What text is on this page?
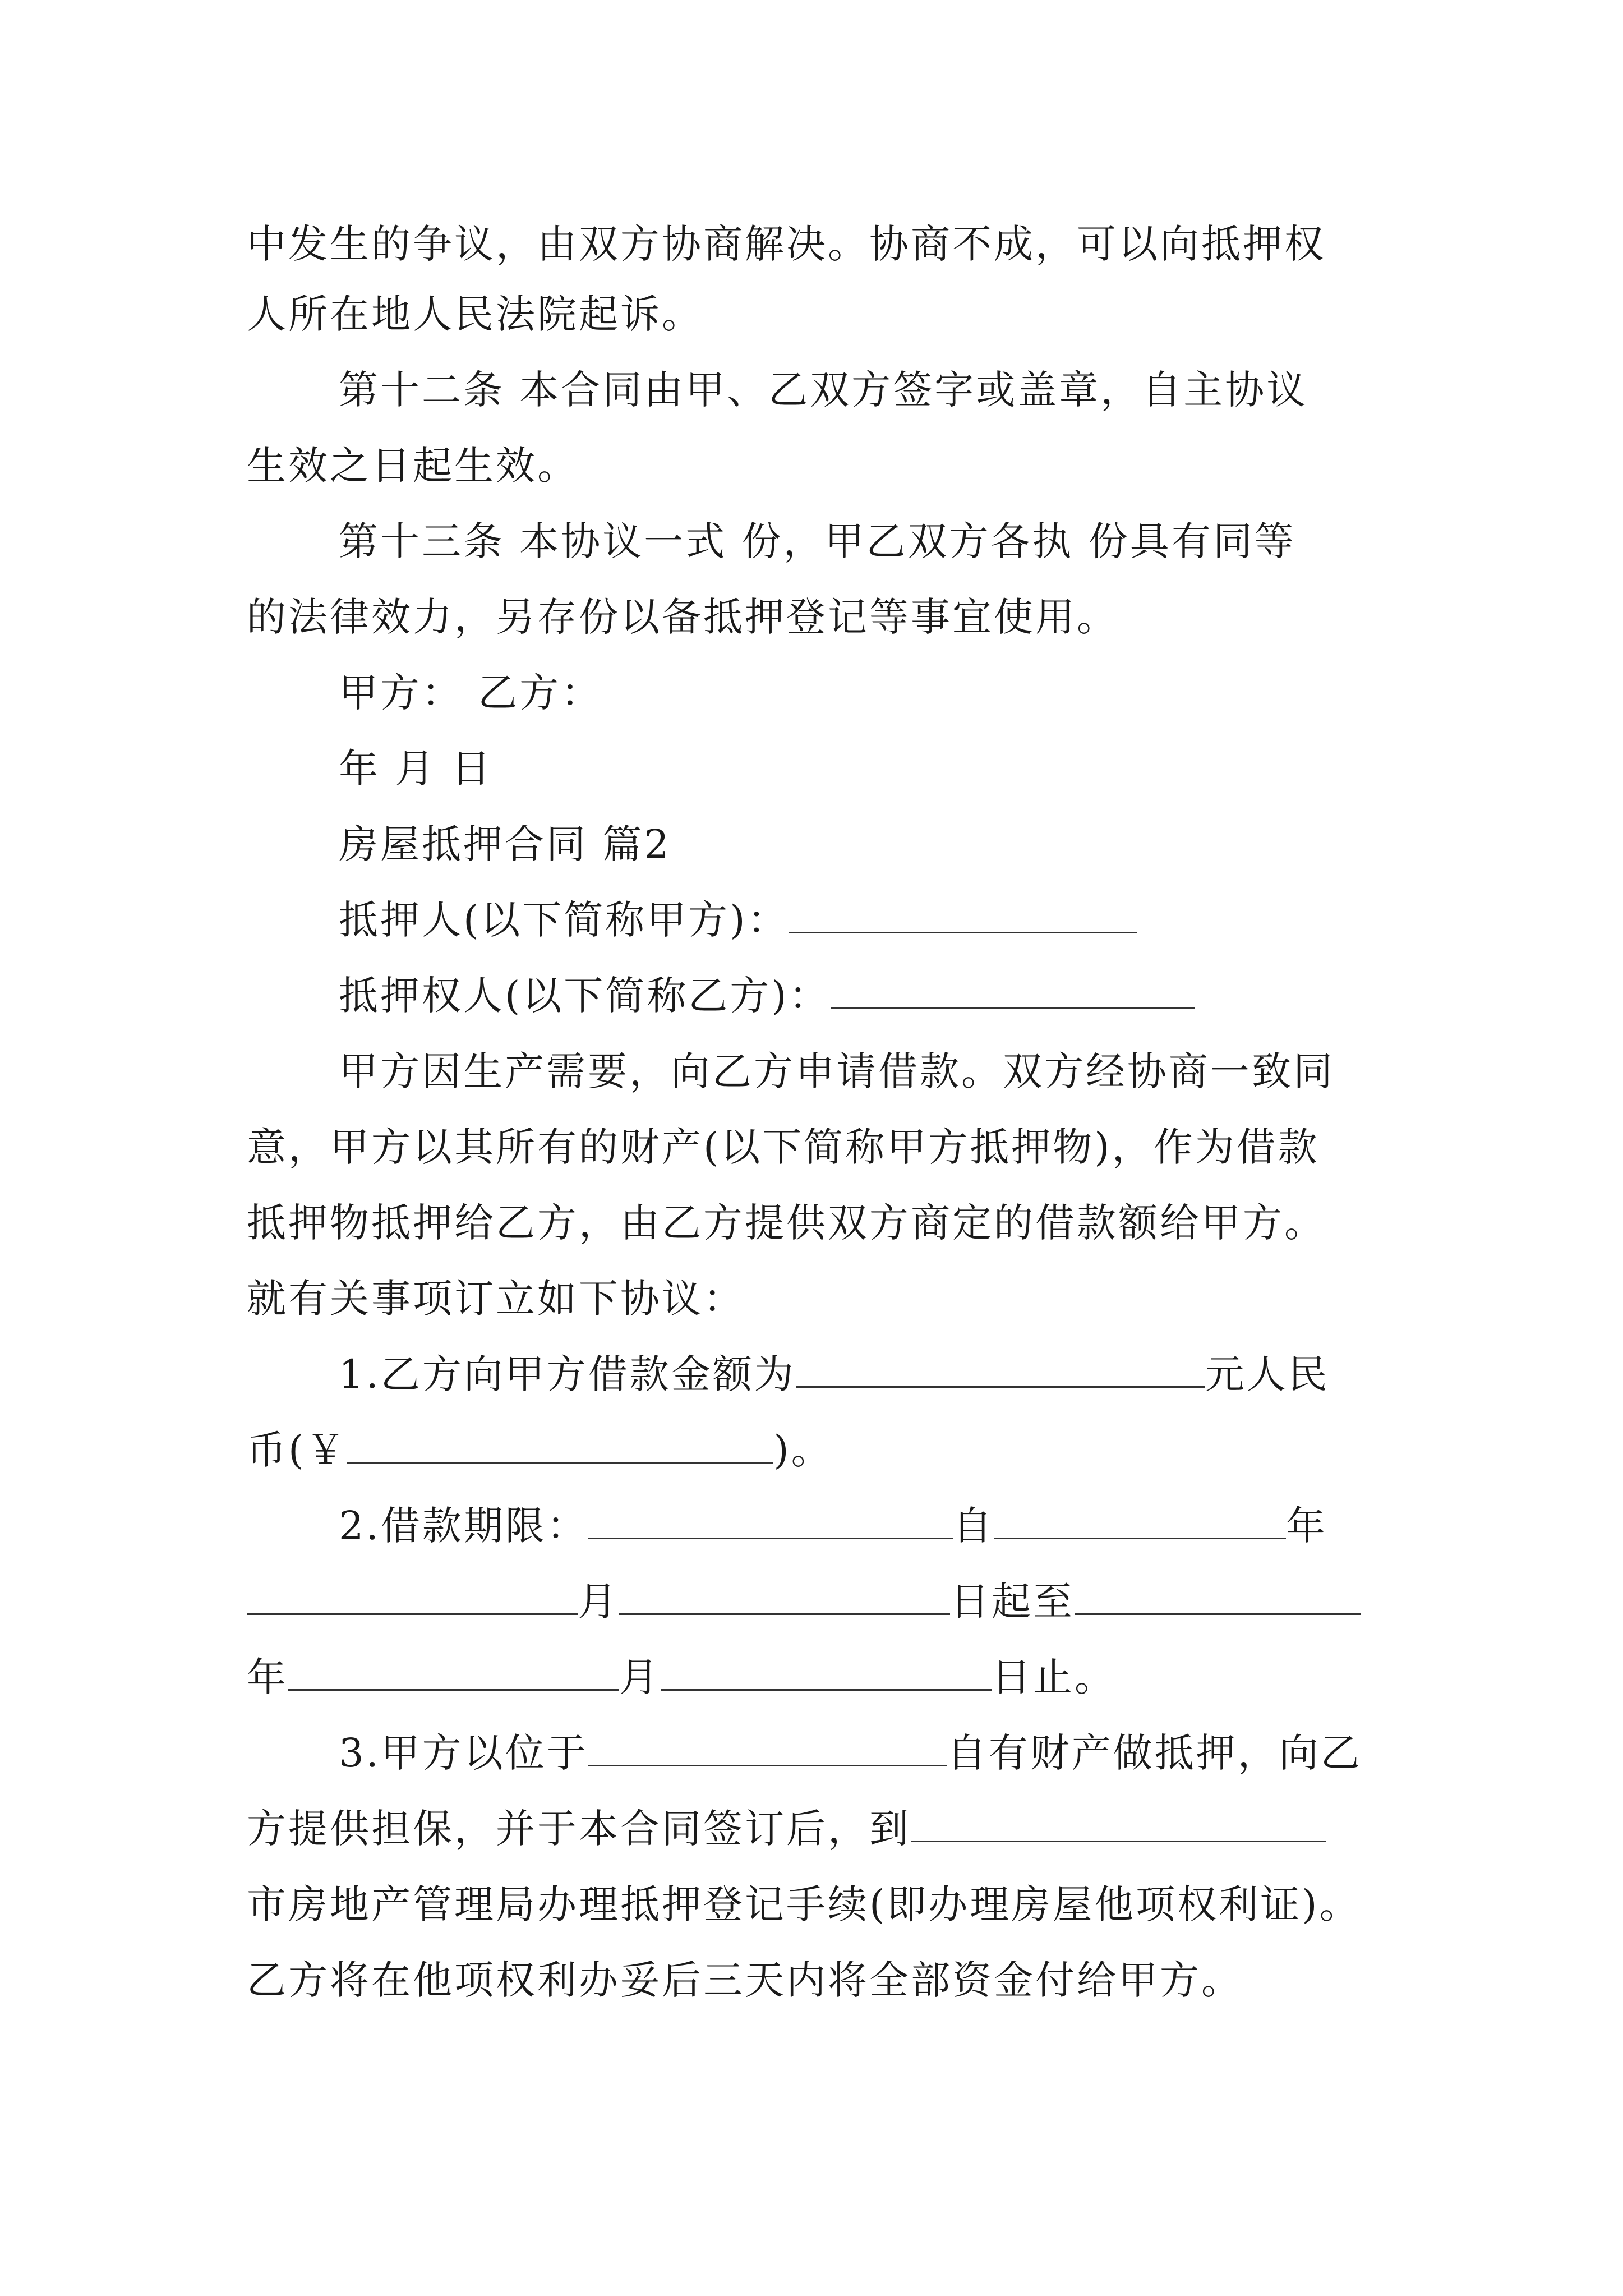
中发生的争议，由双方协商解决。协商不成，可以向抵押权
人所在地人民法院起诉。
第十二条 本合同由甲、乙双方签字或盖章，自主协议
生效之日起生效。
第十三条 本协议一式 份，甲乙双方各执 份具有同等
的法律效力，另存份以备抵押登记等事宜使用。
甲方： 乙方：
年 月 日
房屋抵押合同 篇2
抵押人(以下简称甲方)：
抵押权人(以下简称乙方)：
甲方因生产需要，向乙方申请借款。双方经协商一致同
意，甲方以其所有的财产(以下简称甲方抵押物)，作为借款
抵押物抵押给乙方，由乙方提供双方商定的借款额给甲方。
就有关事项订立如下协议：
1.乙方向甲方借款金额为	元人民
币(￥	)。
2.借款期限：	自	年
月	日起至
年	月	日止。
3.甲方以位于	自有财产做抵押，向乙
方提供担保，并于本合同签订后，到
市房地产管理局办理抵押登记手续(即办理房屋他项权利证)。
乙方将在他项权利办妥后三天内将全部资金付给甲方。
